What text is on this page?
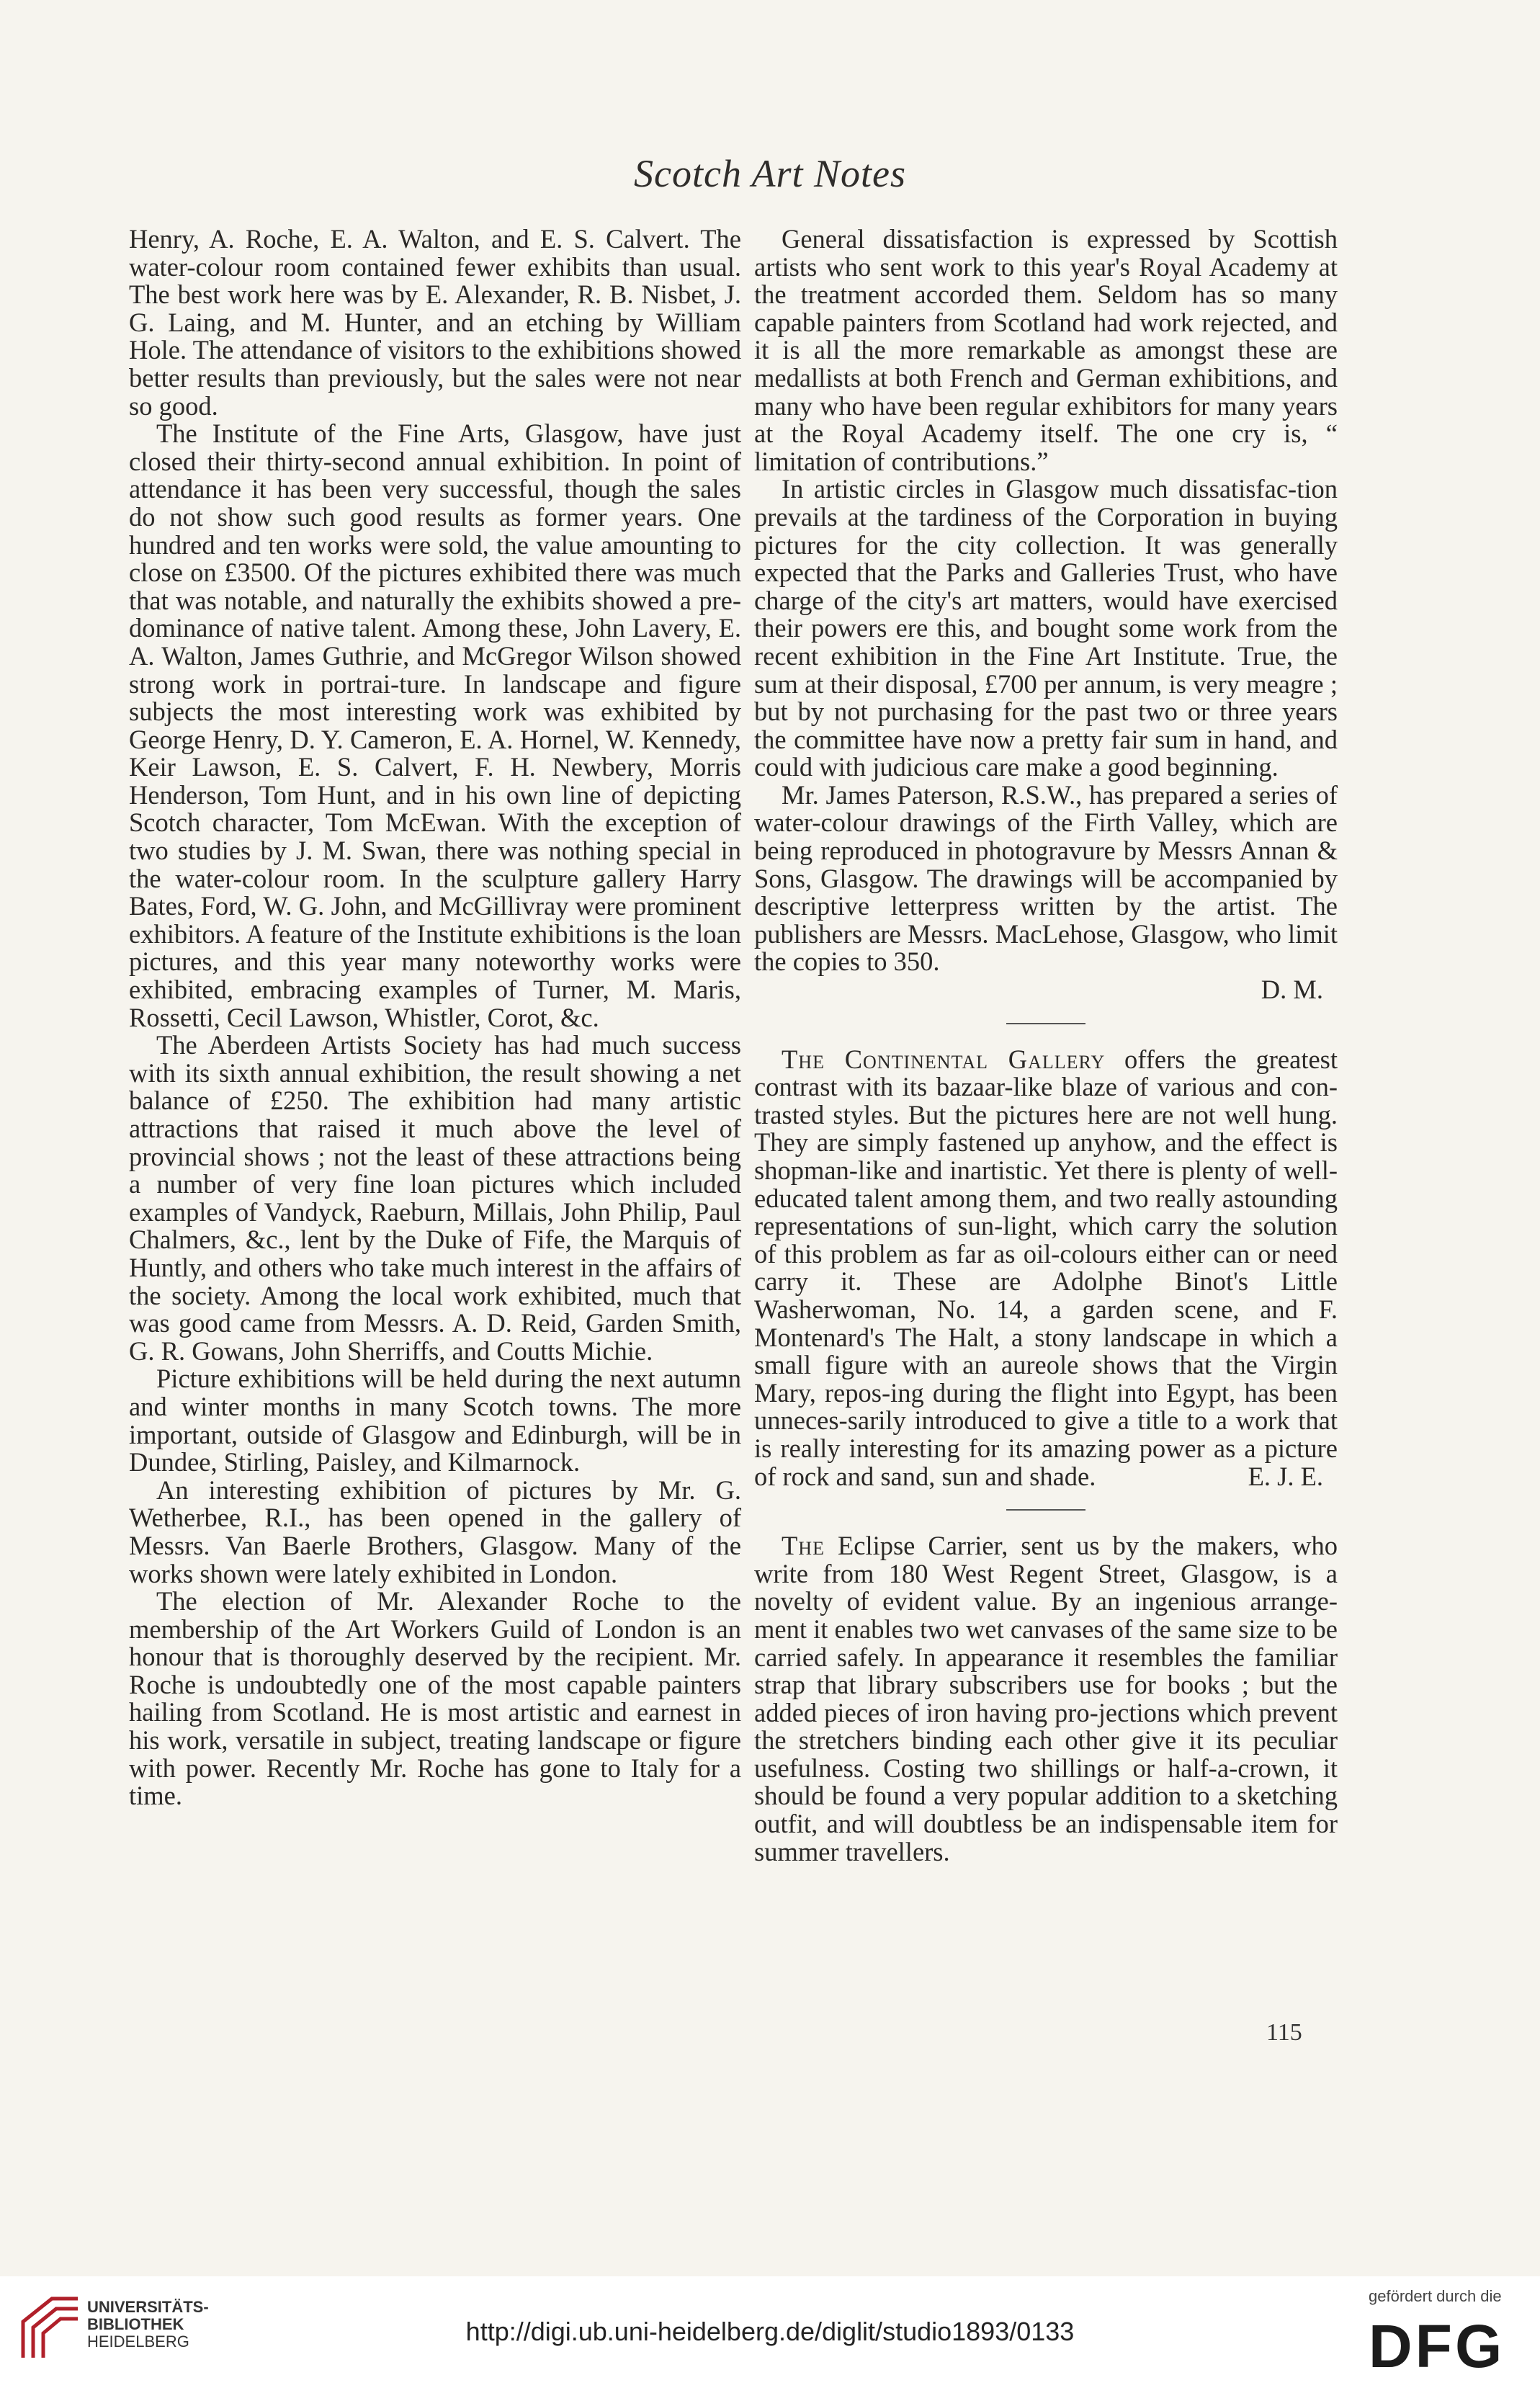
Scotch Art Notes

Henry, A. Roche, E. A. Walton, and E. S. Calvert. The water-colour room contained fewer exhibits than usual. The best work here was by E. Alexander, R. B. Nisbet, J. G. Laing, and M. Hunter, and an etching by William Hole. The attendance of visitors to the exhibitions showed better results than previously, but the sales were not near so good.

The Institute of the Fine Arts, Glasgow, have just closed their thirty-second annual exhibition. In point of attendance it has been very successful, though the sales do not show such good results as former years. One hundred and ten works were sold, the value amounting to close on £3500. Of the pictures exhibited there was much that was notable, and naturally the exhibits showed a pre-dominance of native talent. Among these, John Lavery, E. A. Walton, James Guthrie, and McGregor Wilson showed strong work in portrai-ture. In landscape and figure subjects the most interesting work was exhibited by George Henry, D. Y. Cameron, E. A. Hornel, W. Kennedy, Keir Lawson, E. S. Calvert, F. H. Newbery, Morris Henderson, Tom Hunt, and in his own line of depicting Scotch character, Tom McEwan. With the exception of two studies by J. M. Swan, there was nothing special in the water-colour room. In the sculpture gallery Harry Bates, Ford, W. G. John, and McGillivray were prominent exhibitors. A feature of the Institute exhibitions is the loan pictures, and this year many noteworthy works were exhibited, embracing examples of Turner, M. Maris, Rossetti, Cecil Lawson, Whistler, Corot, &c.

The Aberdeen Artists Society has had much success with its sixth annual exhibition, the result showing a net balance of £250. The exhibition had many artistic attractions that raised it much above the level of provincial shows ; not the least of these attractions being a number of very fine loan pictures which included examples of Vandyck, Raeburn, Millais, John Philip, Paul Chalmers, &c., lent by the Duke of Fife, the Marquis of Huntly, and others who take much interest in the affairs of the society. Among the local work exhibited, much that was good came from Messrs. A. D. Reid, Garden Smith, G. R. Gowans, John Sherriffs, and Coutts Michie.

Picture exhibitions will be held during the next autumn and winter months in many Scotch towns. The more important, outside of Glasgow and Edinburgh, will be in Dundee, Stirling, Paisley, and Kilmarnock.

An interesting exhibition of pictures by Mr. G. Wetherbee, R.I., has been opened in the gallery of Messrs. Van Baerle Brothers, Glasgow. Many of the works shown were lately exhibited in London.

The election of Mr. Alexander Roche to the membership of the Art Workers Guild of London is an honour that is thoroughly deserved by the recipient. Mr. Roche is undoubtedly one of the most capable painters hailing from Scotland. He is most artistic and earnest in his work, versatile in subject, treating landscape or figure with power. Recently Mr. Roche has gone to Italy for a time.

General dissatisfaction is expressed by Scottish artists who sent work to this year's Royal Academy at the treatment accorded them. Seldom has so many capable painters from Scotland had work rejected, and it is all the more remarkable as amongst these are medallists at both French and German exhibitions, and many who have been regular exhibitors for many years at the Royal Academy itself. The one cry is, “ limitation of contributions.”

In artistic circles in Glasgow much dissatisfac-tion prevails at the tardiness of the Corporation in buying pictures for the city collection. It was generally expected that the Parks and Galleries Trust, who have charge of the city's art matters, would have exercised their powers ere this, and bought some work from the recent exhibition in the Fine Art Institute. True, the sum at their disposal, £700 per annum, is very meagre ; but by not purchasing for the past two or three years the committee have now a pretty fair sum in hand, and could with judicious care make a good beginning.

Mr. James Paterson, R.S.W., has prepared a series of water-colour drawings of the Firth Valley, which are being reproduced in photogravure by Messrs Annan & Sons, Glasgow. The drawings will be accompanied by descriptive letterpress written by the artist. The publishers are Messrs. MacLehose, Glasgow, who limit the copies to 350.

D. M.

The Continental Gallery offers the greatest contrast with its bazaar-like blaze of various and con-trasted styles. But the pictures here are not well hung. They are simply fastened up anyhow, and the effect is shopman-like and inartistic. Yet there is plenty of well-educated talent among them, and two really astounding representations of sun-light, which carry the solution of this problem as far as oil-colours either can or need carry it. These are Adolphe Binot's Little Washerwoman, No. 14, a garden scene, and F. Montenard's The Halt, a stony landscape in which a small figure with an aureole shows that the Virgin Mary, repos-ing during the flight into Egypt, has been unneces-sarily introduced to give a title to a work that is really interesting for its amazing power as a picture of rock and sand, sun and shade.	E. J. E.

The Eclipse Carrier, sent us by the makers, who write from 180 West Regent Street, Glasgow, is a novelty of evident value. By an ingenious arrange-ment it enables two wet canvases of the same size to be carried safely. In appearance it resembles the familiar strap that library subscribers use for books ; but the added pieces of iron having pro-jections which prevent the stretchers binding each other give it its peculiar usefulness. Costing two shillings or half-a-crown, it should be found a very popular addition to a sketching outfit, and will doubtless be an indispensable item for summer travellers.

115
UNIVERSITÄTS-
BIBLIOTHEK
HEIDELBERG	http://digi.ub.uni-heidelberg.de/diglit/studio1893/0133
gefördert durch die
DFG
